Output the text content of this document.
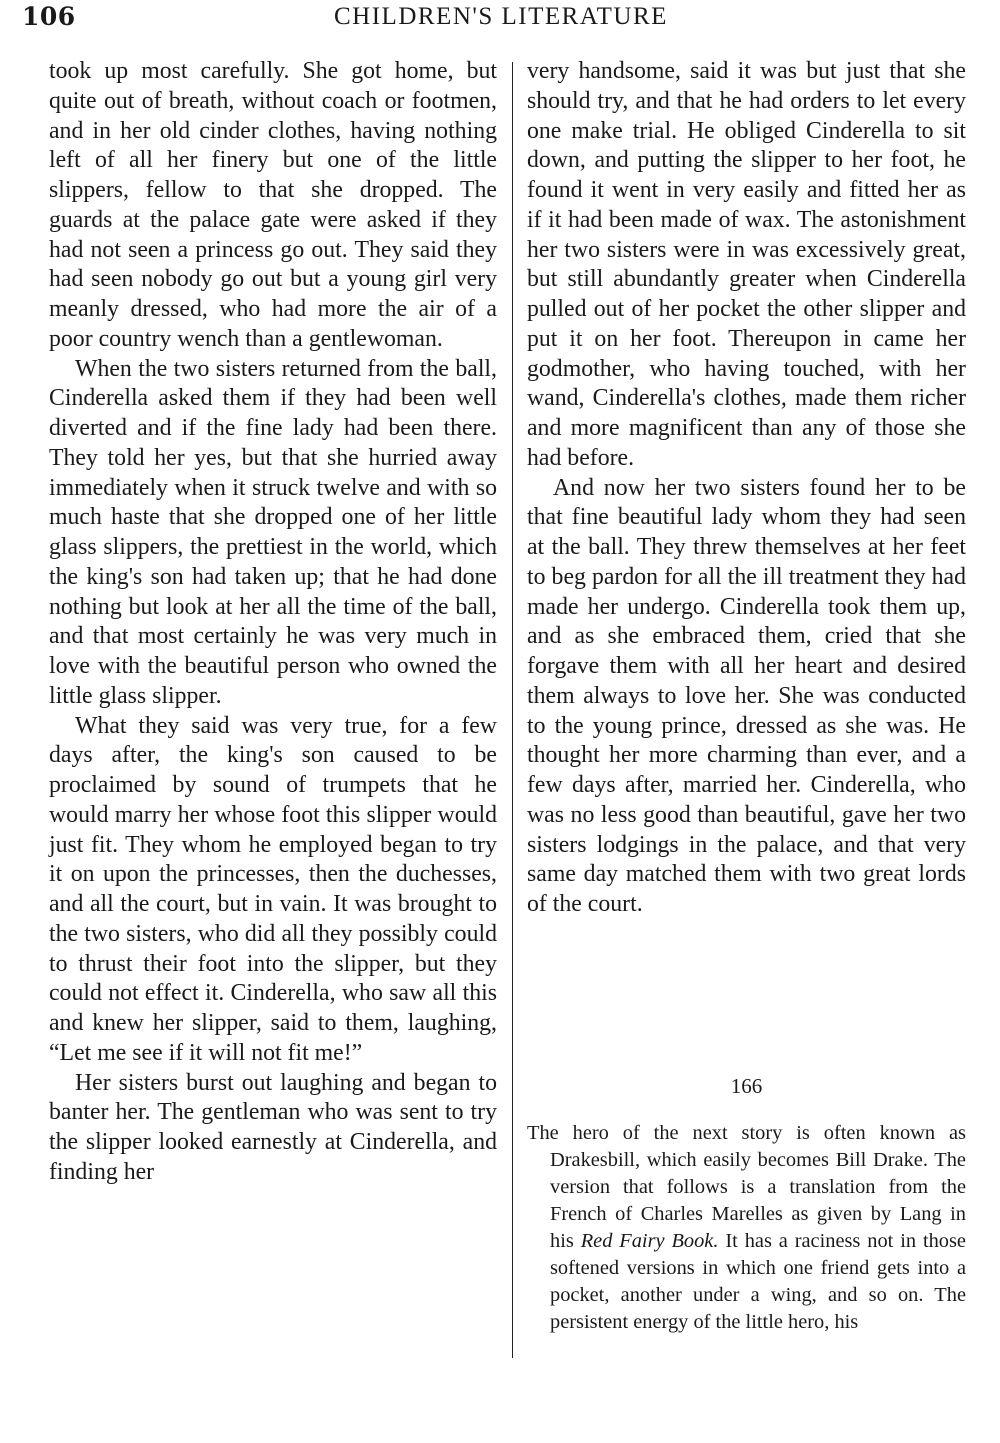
106	CHILDREN'S LITERATURE

took up most carefully. She got home, but quite out of breath, without coach or footmen, and in her old cinder clothes, having nothing left of all her finery but one of the little slippers, fellow to that she dropped. The guards at the palace gate were asked if they had not seen a princess go out. They said they had seen nobody go out but a young girl very meanly dressed, who had more the air of a poor country wench than a gentlewoman.

When the two sisters returned from the ball, Cinderella asked them if they had been well diverted and if the fine lady had been there. They told her yes, but that she hurried away immediately when it struck twelve and with so much haste that she dropped one of her little glass slippers, the prettiest in the world, which the king's son had taken up; that he had done nothing but look at her all the time of the ball, and that most certainly he was very much in love with the beautiful person who owned the little glass slipper.

What they said was very true, for a few days after, the king's son caused to be proclaimed by sound of trumpets that he would marry her whose foot this slipper would just fit. They whom he employed began to try it on upon the princesses, then the duchesses, and all the court, but in vain. It was brought to the two sisters, who did all they possibly could to thrust their foot into the slipper, but they could not effect it. Cinderella, who saw all this and knew her slipper, said to them, laughing, “Let me see if it will not fit me!”

Her sisters burst out laughing and began to banter her. The gentleman who was sent to try the slipper looked earnestly at Cinderella, and finding her

very handsome, said it was but just that she should try, and that he had orders to let every one make trial. He obliged Cinderella to sit down, and putting the slipper to her foot, he found it went in very easily and fitted her as if it had been made of wax. The astonishment her two sisters were in was excessively great, but still abundantly greater when Cinderella pulled out of her pocket the other slipper and put it on her foot. Thereupon in came her godmother, who having touched, with her wand, Cinderella's clothes, made them richer and more magnificent than any of those she had before.

And now her two sisters found her to be that fine beautiful lady whom they had seen at the ball. They threw themselves at her feet to beg pardon for all the ill treatment they had made her undergo. Cinderella took them up, and as she embraced them, cried that she forgave them with all her heart and desired them always to love her. She was conducted to the young prince, dressed as she was. He thought her more charming than ever, and a few days after, married her. Cinderella, who was no less good than beautiful, gave her two sisters lodgings in the palace, and that very same day matched them with two great lords of the court.

166
The hero of the next story is often known as Drakesbill, which easily becomes Bill Drake. The version that follows is a translation from the French of Charles Marelles as given by Lang in his Red Fairy Book. It has a raciness not in those softened versions in which one friend gets into a pocket, another under a wing, and so on. The persistent energy of the little hero, his
